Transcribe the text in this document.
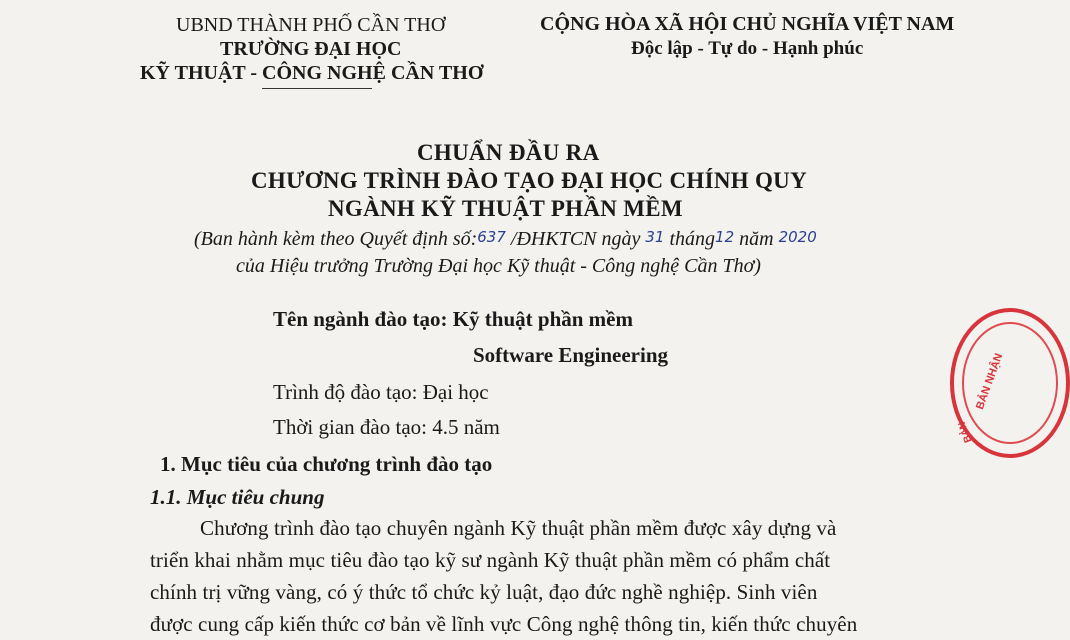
UBND THÀNH PHỐ CẦN THƠ
TRƯỜNG ĐẠI HỌC
KỸ THUẬT - CÔNG NGHỆ CẦN THƠ
CỘNG HÒA XÃ HỘI CHỦ NGHĨA VIỆT NAM
Độc lập - Tự do - Hạnh phúc
CHUẨN ĐẦU RA
CHƯƠNG TRÌNH ĐÀO TẠO ĐẠI HỌC CHÍNH QUY
NGÀNH KỸ THUẬT PHẦN MỀM
(Ban hành kèm theo Quyết định số:637 /ĐHKTCN ngày 31 tháng12 năm 2020
của Hiệu trưởng Trường Đại học Kỹ thuật - Công nghệ Cần Thơ)
Tên ngành đào tạo: Kỹ thuật phần mềm
Software Engineering
Trình độ đào tạo: Đại học
Thời gian đào tạo: 4.5 năm
1. Mục tiêu của chương trình đào tạo
1.1. Mục tiêu chung
Chương trình đào tạo chuyên ngành Kỹ thuật phần mềm được xây dựng và
triển khai nhằm mục tiêu đào tạo kỹ sư ngành Kỹ thuật phần mềm có phẩm chất
chính trị vững vàng, có ý thức tổ chức kỷ luật, đạo đức nghề nghiệp. Sinh viên
được cung cấp kiến thức cơ bản về lĩnh vực Công nghệ thông tin, kiến thức chuyên
BẢN NHẬN
BẢN
